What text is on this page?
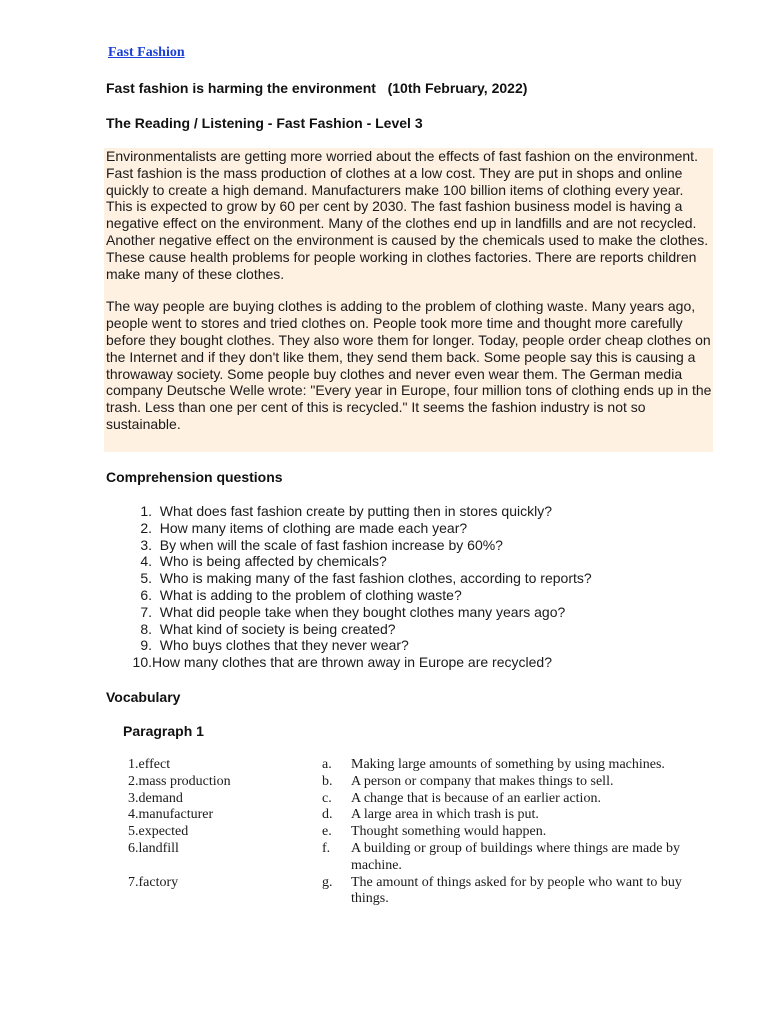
Fast Fashion
Fast fashion is harming the environment   (10th February, 2022)
The Reading / Listening - Fast Fashion - Level 3

Environmentalists are getting more worried about the effects of fast fashion on the environment. Fast fashion is the mass production of clothes at a low cost. They are put in shops and online quickly to create a high demand. Manufacturers make 100 billion items of clothing every year. This is expected to grow by 60 per cent by 2030. The fast fashion business model is having a negative effect on the environment. Many of the clothes end up in landfills and are not recycled. Another negative effect on the environment is caused by the chemicals used to make the clothes. These cause health problems for people working in clothes factories. There are reports children make many of these clothes.

The way people are buying clothes is adding to the problem of clothing waste. Many years ago, people went to stores and tried clothes on. People took more time and thought more carefully before they bought clothes. They also wore them for longer. Today, people order cheap clothes on the Internet and if they don't like them, they send them back. Some people say this is causing a throwaway society. Some people buy clothes and never even wear them. The German media company Deutsche Welle wrote: "Every year in Europe, four million tons of clothing ends up in the trash. Less than one per cent of this is recycled." It seems the fashion industry is not so sustainable.

Comprehension questions
1.
What does fast fashion create by putting then in stores quickly?
2.
How many items of clothing are made each year?
3.
By when will the scale of fast fashion increase by 60%?
4.
Who is being affected by chemicals?
5.
Who is making many of the fast fashion clothes, according to reports?
6.
What is adding to the problem of clothing waste?
7.
What did people take when they bought clothes many years ago?
8.
What kind of society is being created?
9.
Who buys clothes that they never wear?
10. How many clothes that are thrown away in Europe are recycled?
Vocabulary
Paragraph 1
1.effect	a.	Making large amounts of something by using machines.
2.mass production	b.	A person or company that makes things to sell.
3.demand	c.	A change that is because of an earlier action.
4.manufacturer	d.	A large area in which trash is put.
5.expected	e.	Thought something would happen.
6.landfill	f.	A building or group of buildings where things are made by machine.
7.factory	g.	The amount of things asked for by people who want to buy things.
